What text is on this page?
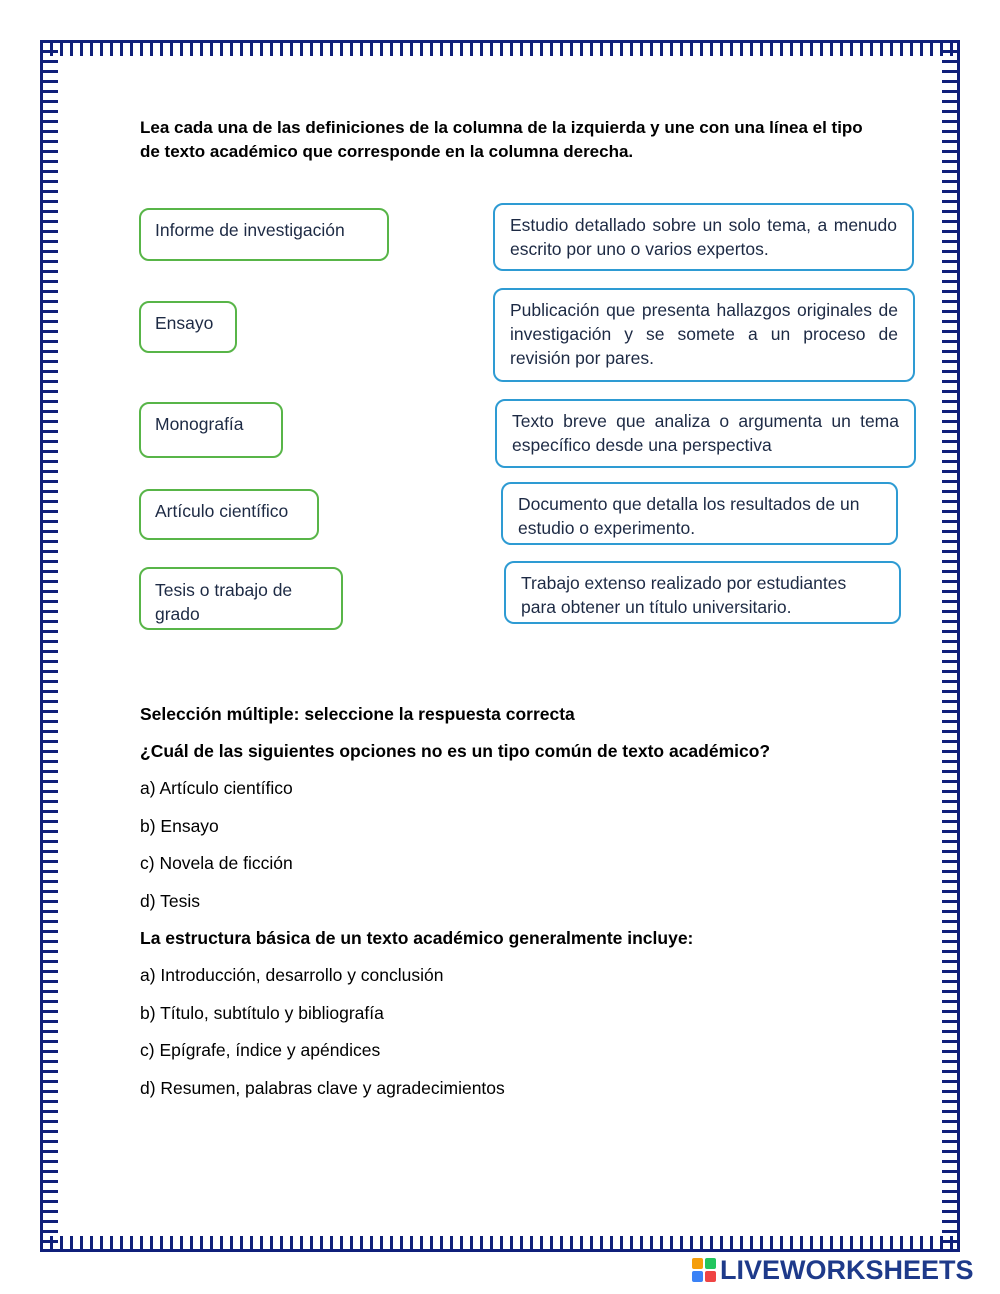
Lea cada una de las definiciones de la columna de la izquierda y une con una línea el tipo de texto académico que corresponde en la columna derecha.
Informe de investigación
Ensayo
Monografía
Artículo científico
Tesis o trabajo de grado
Estudio detallado sobre un solo tema, a menudo escrito por uno o varios expertos.
Publicación que presenta hallazgos originales de investigación y se somete a un proceso de revisión por pares.
Texto breve que analiza o argumenta un tema específico desde una perspectiva
Documento que detalla los resultados de un estudio o experimento.
Trabajo extenso realizado por estudiantes para obtener un título universitario.
Selección múltiple: seleccione la respuesta correcta
¿Cuál de las siguientes opciones no es un tipo común de texto académico?
a) Artículo científico
b) Ensayo
c) Novela de ficción
d) Tesis
La estructura básica de un texto académico generalmente incluye:
a) Introducción, desarrollo y conclusión
b) Título, subtítulo y bibliografía
c) Epígrafe, índice y apéndices
d) Resumen, palabras clave y agradecimientos
LIVEWORKSHEETS
